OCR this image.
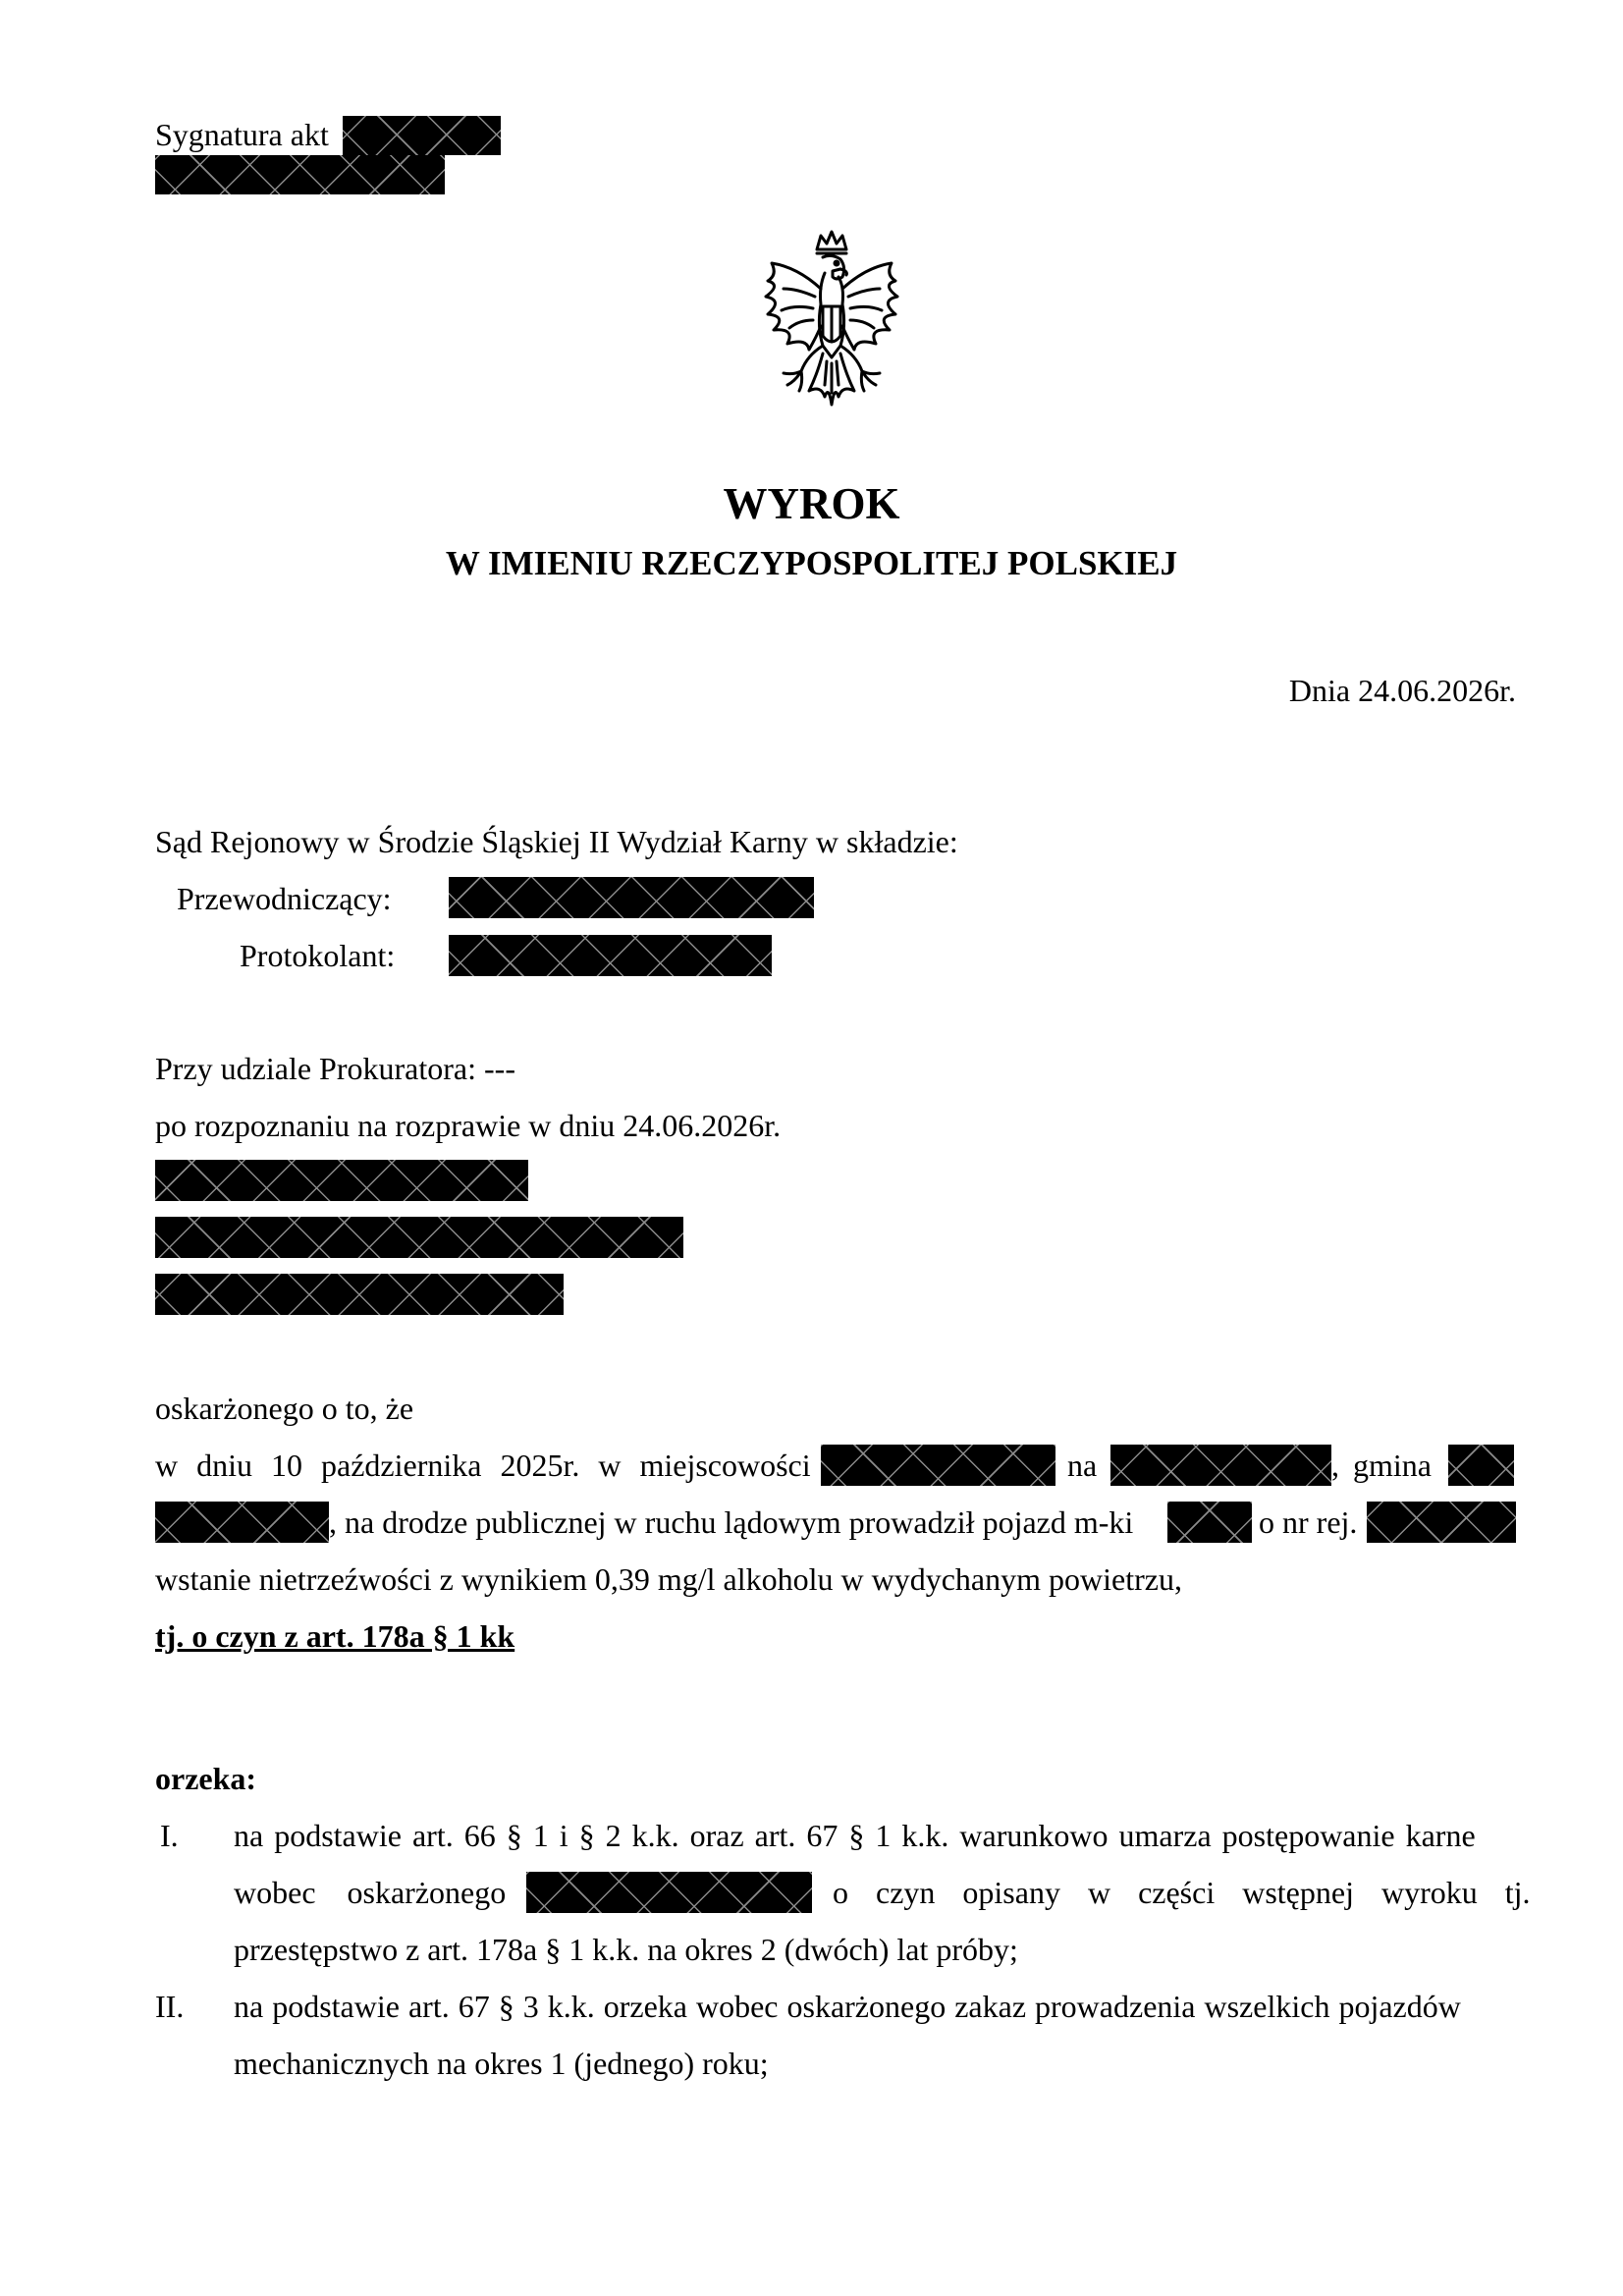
Sygnatura akt
WYROK
W IMIENIU RZECZYPOSPOLITEJ POLSKIEJ
Dnia 24.06.2026r.
Sąd Rejonowy w Środzie Śląskiej II Wydział Karny w składzie:
Przewodniczący:
Protokolant:
Przy udziale Prokuratora: ---
po rozpoznaniu na rozprawie w dniu 24.06.2026r.
oskarżonego o to, że
w dniu 10 października 2025r. w miejscowości	na	, gmina
, na drodze publicznej w ruchu lądowym prowadził pojazd m-ki	o nr rej.
wstanie nietrzeźwości z wynikiem 0,39 mg/l alkoholu w wydychanym powietrzu,
tj. o czyn z art. 178a § 1 kk
orzeka:
I. na podstawie art. 66 § 1 i § 2 k.k. oraz art. 67 § 1 k.k. warunkowo umarza postępowanie karne
wobec oskarżonego	o czyn opisany w części wstępnej wyroku tj.
przestępstwo z art. 178a § 1 k.k. na okres 2 (dwóch) lat próby;
II. na podstawie art. 67 § 3 k.k. orzeka wobec oskarżonego zakaz prowadzenia wszelkich pojazdów
mechanicznych na okres 1 (jednego) roku;
